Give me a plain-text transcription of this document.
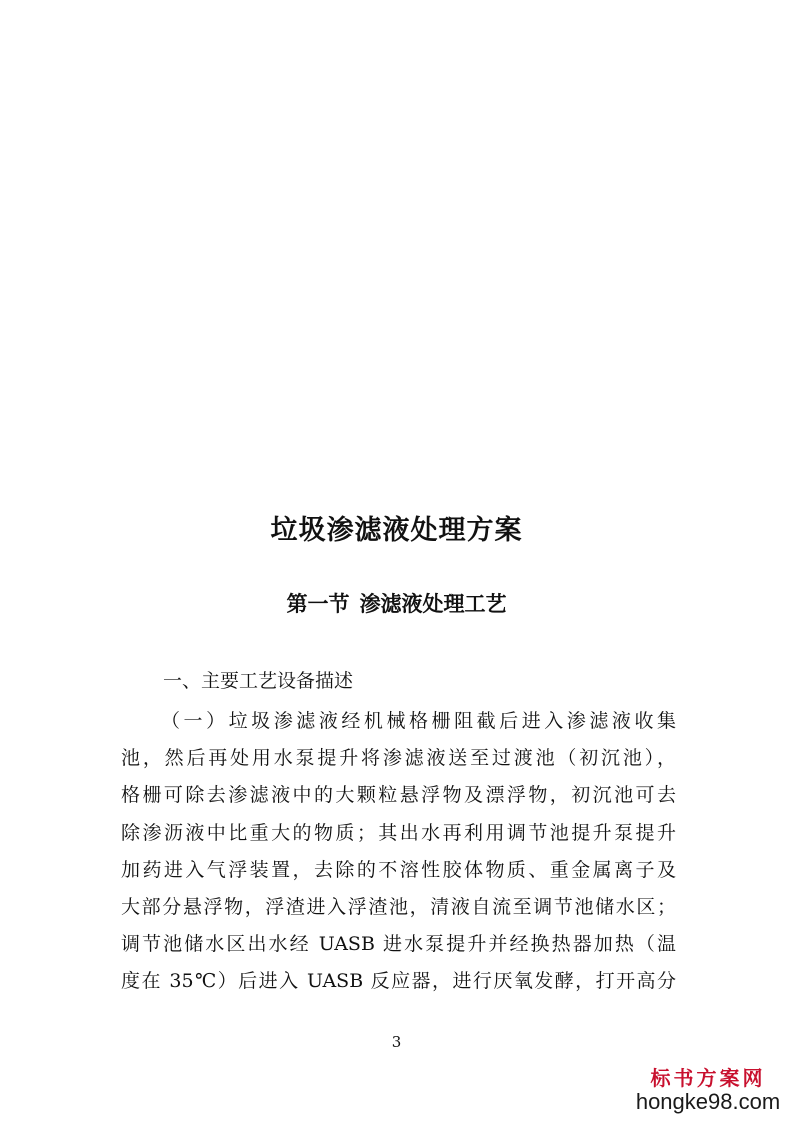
垃圾渗滤液处理方案
第一节 渗滤液处理工艺

一、主要工艺设备描述

（一）垃圾渗滤液经机械格栅阻截后进入渗滤液收集
池，然后再处用水泵提升将渗滤液送至过渡池（初沉池），
格栅可除去渗滤液中的大颗粒悬浮物及漂浮物，初沉池可去
除渗沥液中比重大的物质；其出水再利用调节池提升泵提升
加药进入气浮装置，去除的不溶性胶体物质、重金属离子及
大部分悬浮物，浮渣进入浮渣池，清液自流至调节池储水区；
调节池储水区出水经 UASB 进水泵提升并经换热器加热（温
度在 35℃）后进入 UASB 反应器，进行厌氧发酵，打开高分

3

标书方案网
hongke98.com
